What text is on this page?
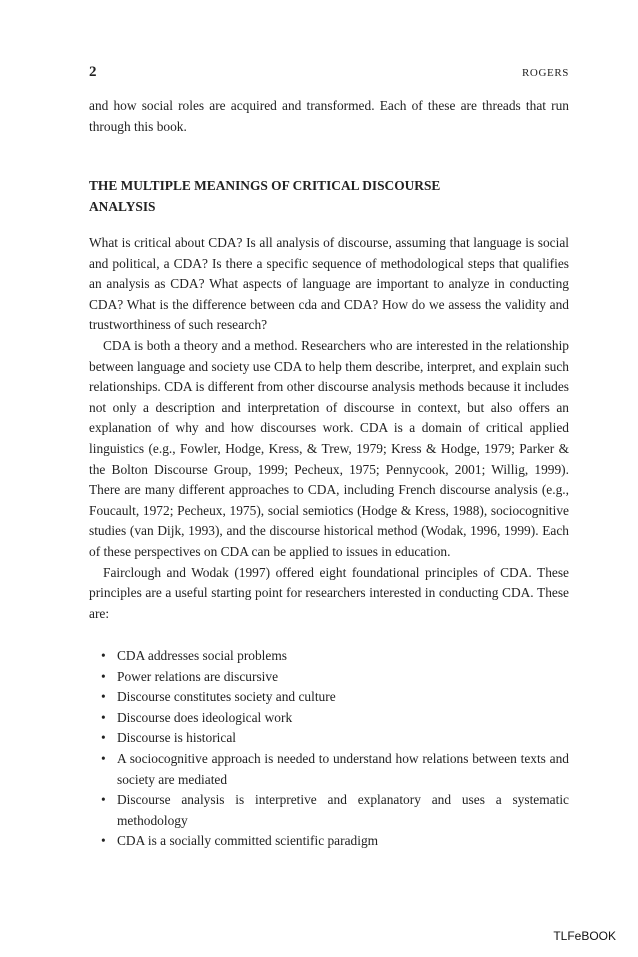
2	ROGERS
and how social roles are acquired and transformed. Each of these are threads that run through this book.
THE MULTIPLE MEANINGS OF CRITICAL DISCOURSE ANALYSIS

What is critical about CDA? Is all analysis of discourse, assuming that language is social and political, a CDA? Is there a specific sequence of methodological steps that qualifies an analysis as CDA? What aspects of language are important to analyze in conducting CDA? What is the difference between cda and CDA? How do we assess the validity and trustworthiness of such research?

CDA is both a theory and a method. Researchers who are interested in the relationship between language and society use CDA to help them describe, interpret, and explain such relationships. CDA is different from other discourse analysis methods because it includes not only a description and interpretation of discourse in context, but also offers an explanation of why and how discourses work. CDA is a domain of critical applied linguistics (e.g., Fowler, Hodge, Kress, & Trew, 1979; Kress & Hodge, 1979; Parker & the Bolton Discourse Group, 1999; Pecheux, 1975; Pennycook, 2001; Willig, 1999). There are many different approaches to CDA, including French discourse analysis (e.g., Foucault, 1972; Pecheux, 1975), social semiotics (Hodge & Kress, 1988), sociocognitive studies (van Dijk, 1993), and the discourse historical method (Wodak, 1996, 1999). Each of these perspectives on CDA can be applied to issues in education.

Fairclough and Wodak (1997) offered eight foundational principles of CDA. These principles are a useful starting point for researchers interested in conducting CDA. These are:

• CDA addresses social problems
• Power relations are discursive
• Discourse constitutes society and culture
• Discourse does ideological work
• Discourse is historical
• A sociocognitive approach is needed to understand how relations between texts and society are mediated
• Discourse analysis is interpretive and explanatory and uses a systematic methodology
• CDA is a socially committed scientific paradigm
TLFeBOOK
